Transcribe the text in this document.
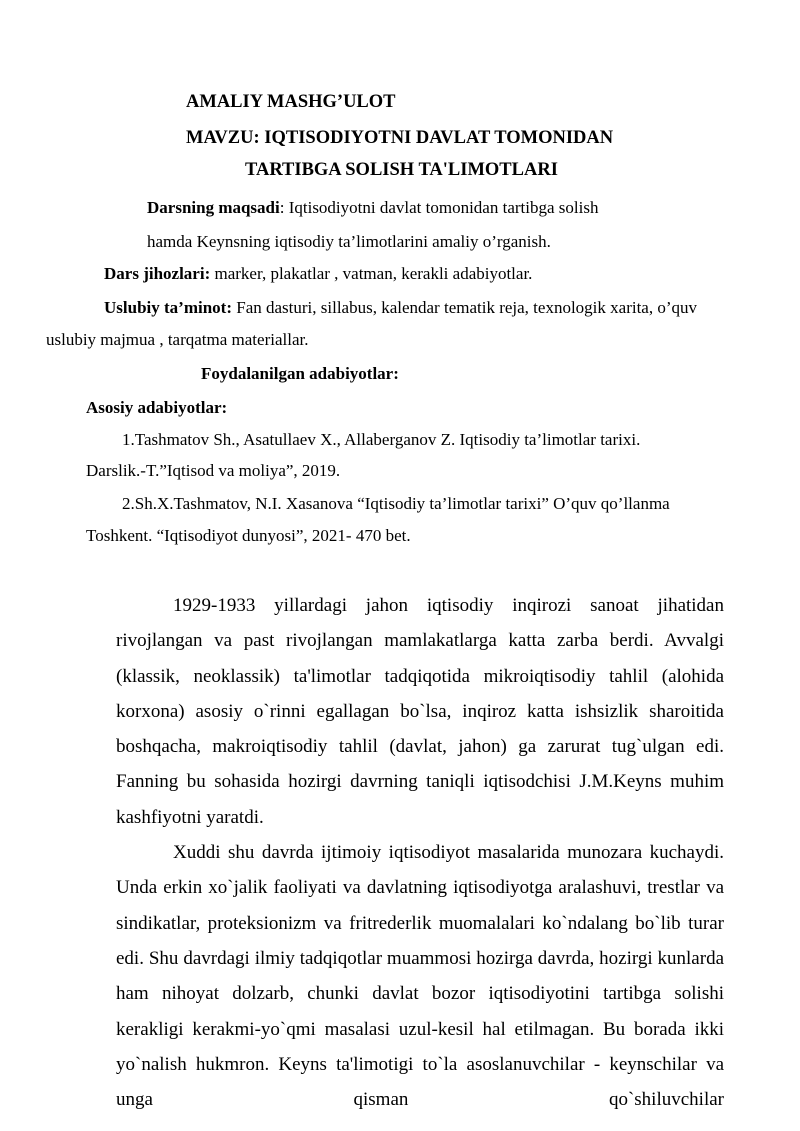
AMALIY MASHG’ULOT
MAVZU: IQTISODIYOTNI DAVLAT TOMONIDAN
TARTIBGA SOLISH TA'LIMOTLARI
Darsning maqsadi: Iqtisodiyotni davlat tomonidan tartibga solish
hamda Keynsning iqtisodiy ta’limotlarini amaliy o’rganish.
Dars jihozlari: marker, plakatlar , vatman, kerakli adabiyotlar.
Uslubiy ta’minot: Fan dasturi, sillabus, kalendar tematik reja, texnologik xarita, o’quv
uslubiy majmua , tarqatma materiallar.
Foydalanilgan adabiyotlar:
Asosiy adabiyotlar:
1.Tashmatov Sh., Asatullaev X., Allaberganov Z. Iqtisodiy ta’limotlar tarixi.
Darslik.-T.”Iqtisod va moliya”, 2019.
2.Sh.X.Tashmatov, N.I. Xasanova “Iqtisodiy ta’limotlar tarixi” O’quv qo’llanma
Toshkent. “Iqtisodiyot dunyosi”, 2021- 470 bet.

1929-1933 yillardagi jahon iqtisodiy inqirozi sanoat jihatidan rivojlangan va past rivojlangan mamlakatlarga katta zarba berdi. Avvalgi (klassik, neoklassik) ta'limotlar tadqiqotida mikroiqtisodiy tahlil (alohida korxona) asosiy o`rinni egallagan bo`lsa, inqiroz katta ishsizlik sharoitida boshqacha, makroiqtisodiy tahlil (davlat, jahon) ga zarurat tug`ulgan edi. Fanning bu sohasida hozirgi davrning taniqli iqtisodchisi J.M.Keyns muhim kashfiyotni yaratdi.

Xuddi shu davrda ijtimoiy iqtisodiyot masalarida munozara kuchaydi. Unda erkin xo`jalik faoliyati va davlatning iqtisodiyotga aralashuvi, trestlar va sindikatlar, proteksionizm va fritrederlik muomalalari ko`ndalang bo`lib turar edi. Shu davrdagi ilmiy tadqiqotlar muammosi hozirga davrda, hozirgi kunlarda ham nihoyat dolzarb, chunki davlat bozor iqtisodiyotini tartibga solishi kerakligi kerakmi-yo`qmi masalasi uzul-kesil hal etilmagan. Bu borada ikki yo`nalish hukmron. Keyns ta'limotigi to`la asoslanuvchilar - keynschilar va unga qisman qo`shiluvchilar
